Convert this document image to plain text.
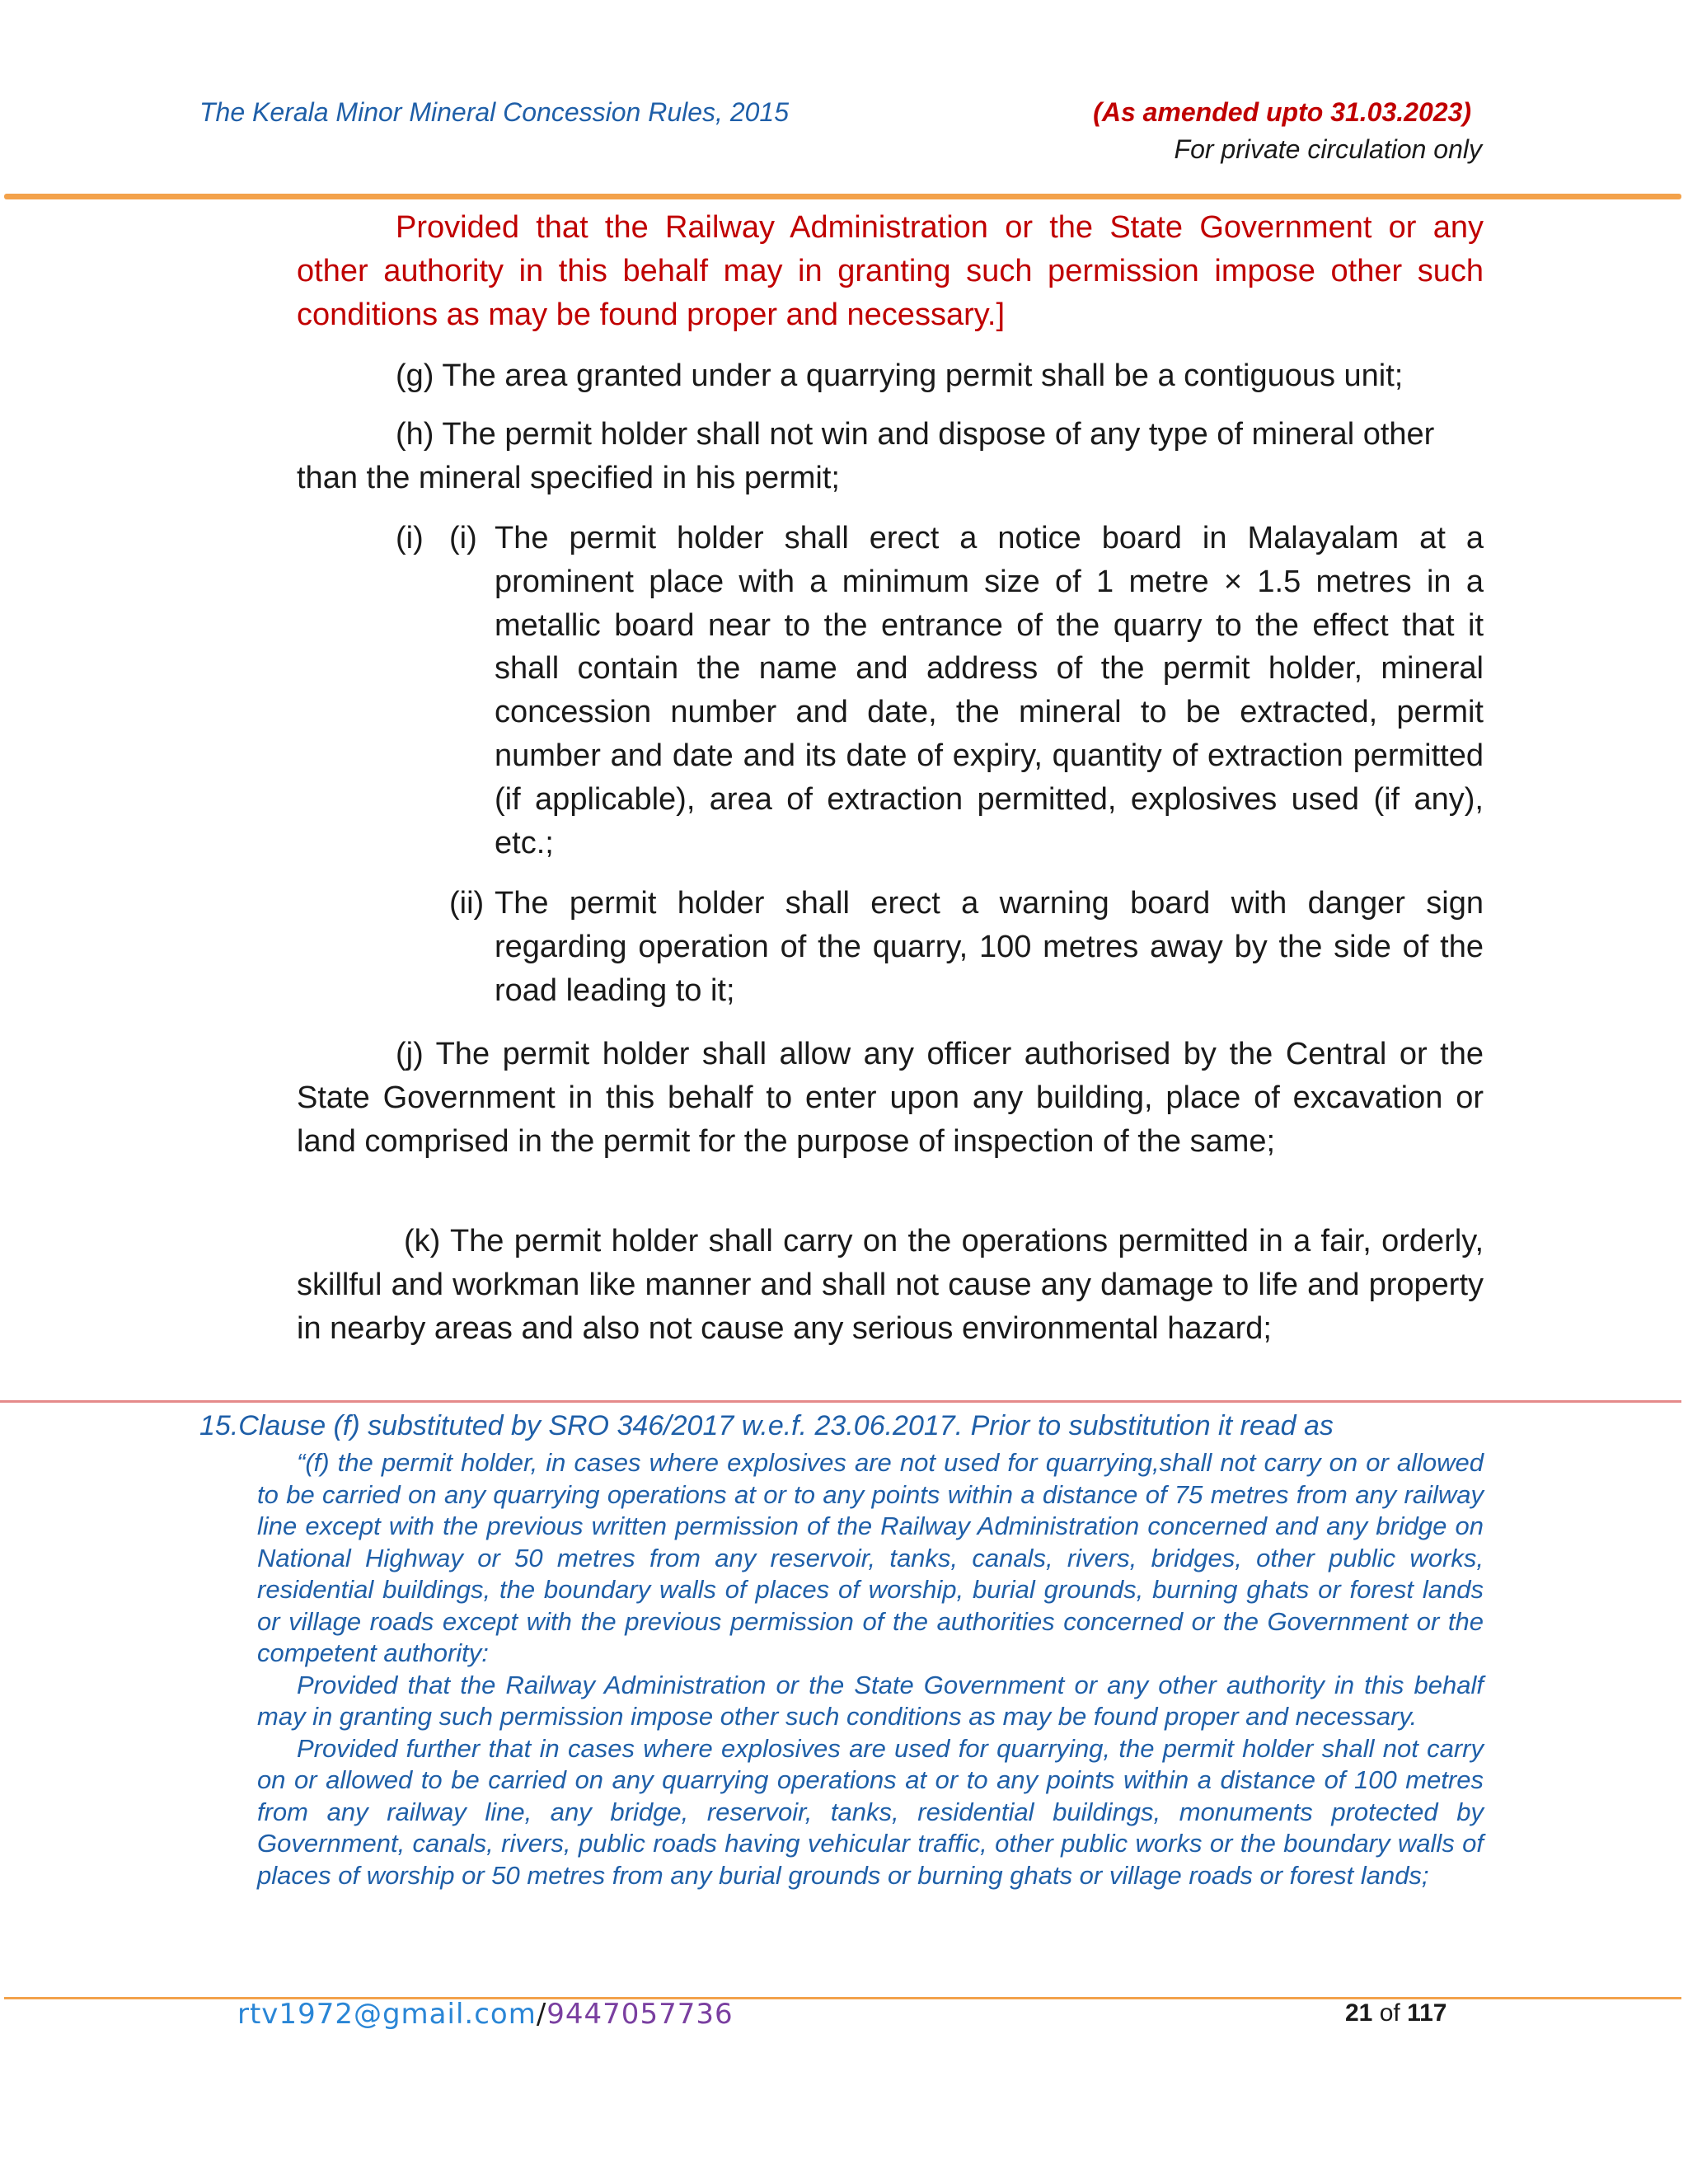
The Kerala Minor Mineral Concession Rules, 2015	(As amended upto 31.03.2023)
For private circulation only

Provided that the Railway Administration or the State Government or any other authority in this behalf may in granting such permission impose other such conditions as may be found proper and necessary.]

(g) The area granted under a quarrying permit shall be a contiguous unit;

(h) The permit holder shall not win and dispose of any type of mineral other than the mineral specified in his permit;

(i) (i) The permit holder shall erect a notice board in Malayalam at a prominent place with a minimum size of 1 metre × 1.5 metres in a metallic board near to the entrance of the quarry to the effect that it shall contain the name and address of the permit holder, mineral concession number and date, the mineral to be extracted, permit number and date and its date of expiry, quantity of extraction permitted (if applicable), area of extraction permitted, explosives used (if any), etc.;
(ii) The permit holder shall erect a warning board with danger sign regarding operation of the quarry, 100 metres away by the side of the road leading to it;

(j) The permit holder shall allow any officer authorised by the Central or the State Government in this behalf to enter upon any building, place of excavation or land comprised in the permit for the purpose of inspection of the same;

(k) The permit holder shall carry on the operations permitted in a fair, orderly, skillful and workman like manner and shall not cause any damage to life and property in nearby areas and also not cause any serious environmental hazard;

15.Clause (f) substituted by SRO 346/2017 w.e.f. 23.06.2017. Prior to substitution it read as

“(f) the permit holder, in cases where explosives are not used for quarrying,shall not carry on or allowed to be carried on any quarrying operations at or to any points within a distance of 75 metres from any railway line except with the previous written permission of the Railway Administration concerned and any bridge on National Highway or 50 metres from any reservoir, tanks, canals, rivers, bridges, other public works, residential buildings, the boundary walls of places of worship, burial grounds, burning ghats or forest lands or village roads except with the previous permission of the authorities concerned or the Government or the competent authority:

Provided that the Railway Administration or the State Government or any other authority in this behalf may in granting such permission impose other such conditions as may be found proper and necessary.

Provided further that in cases where explosives are used for quarrying, the permit holder shall not carry on or allowed to be carried on any quarrying operations at or to any points within a distance of 100 metres from any railway line, any bridge, reservoir, tanks, residential buildings, monuments protected by Government, canals, rivers, public roads having vehicular traffic, other public works or the boundary walls of places of worship or 50 metres from any burial grounds or burning ghats or village roads or forest lands;

rtv1972@gmail.com/9447057736	21 of 117
